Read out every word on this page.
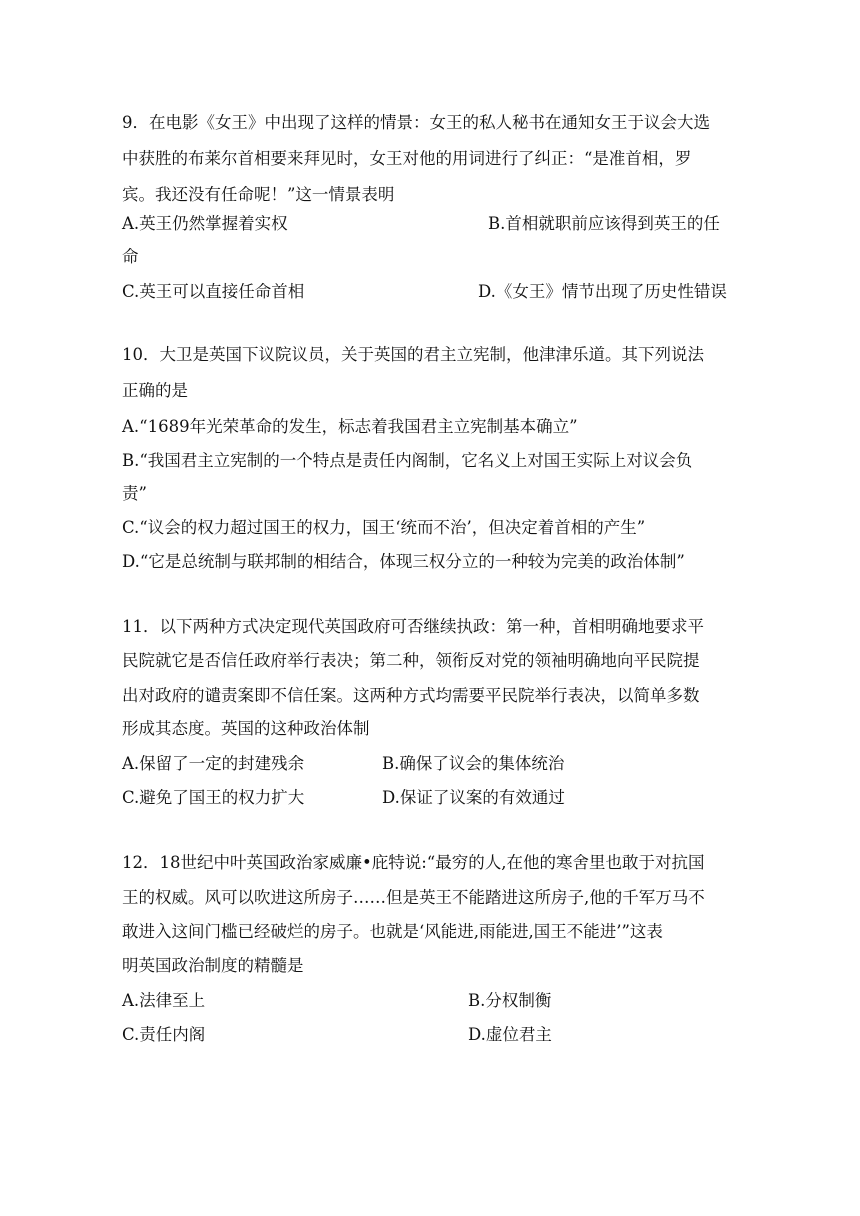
9．在电影《女王》中出现了这样的情景：女王的私人秘书在通知女王于议会大选
中获胜的布莱尔首相要来拜见时，女王对他的用词进行了纠正：“是准首相，罗
宾。我还没有任命呢！”这一情景表明
A.英王仍然掌握着实权	B.首相就职前应该得到英王的任
命
C.英王可以直接任命首相	D.《女王》情节出现了历史性错误
10．大卫是英国下议院议员，关于英国的君主立宪制，他津津乐道。其下列说法
正确的是
A.“1689年光荣革命的发生，标志着我国君主立宪制基本确立”
B.“我国君主立宪制的一个特点是责任内阁制，它名义上对国王实际上对议会负
责”
C.“议会的权力超过国王的权力，国王‘统而不治’，但决定着首相的产生”
D.“它是总统制与联邦制的相结合，体现三权分立的一种较为完美的政治体制”
11．以下两种方式决定现代英国政府可否继续执政：第一种，首相明确地要求平
民院就它是否信任政府举行表决；第二种，领衔反对党的领袖明确地向平民院提
出对政府的谴责案即不信任案。这两种方式均需要平民院举行表决，以简单多数
形成其态度。英国的这种政治体制
A.保留了一定的封建残余	B.确保了议会的集体统治
C.避免了国王的权力扩大	D.保证了议案的有效通过
12．18世纪中叶英国政治家威廉•庇特说:“最穷的人,在他的寒舍里也敢于对抗国
王的权威。风可以吹进这所房子……但是英王不能踏进这所房子,他的千军万马不
敢进入这间门槛已经破烂的房子。也就是‘风能进,雨能进,国王不能进’”这表
明英国政治制度的精髓是
A.法律至上	B.分权制衡
C.责任内阁	D.虚位君主
